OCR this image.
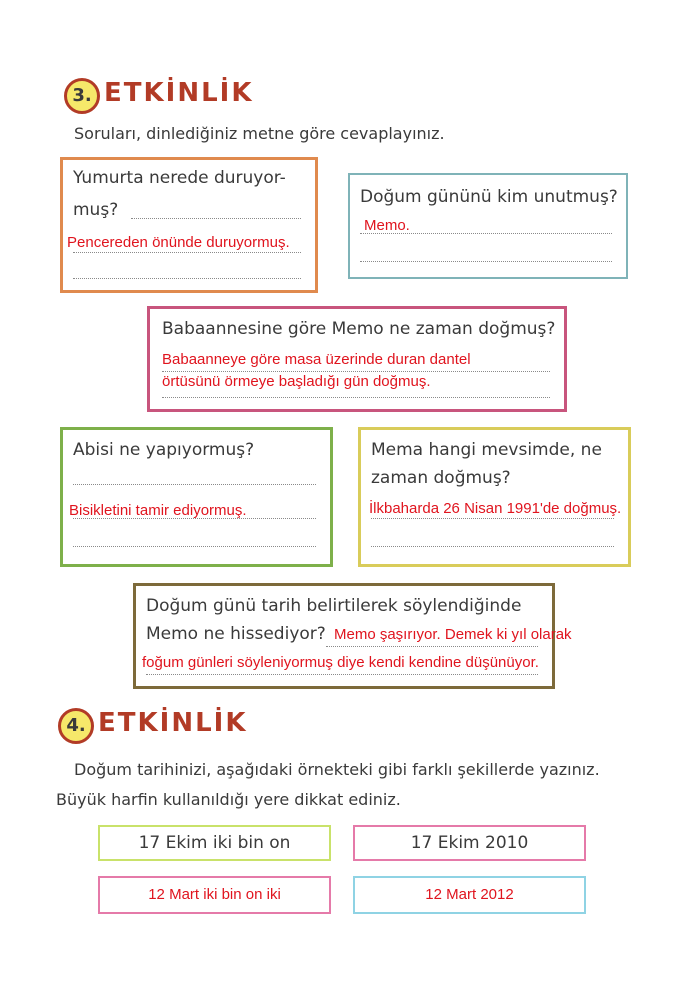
3. ETKİNLİK
Soruları, dinlediğiniz metne göre cevaplayınız.
Yumurta nerede duruyor-
muş?
Pencereden önünde duruyormuş.
Doğum gününü kim unutmuş?
Memo.
Babaannesine göre Memo ne zaman doğmuş?
Babaanneye göre masa üzerinde duran dantel
örtüsünü örmeye başladığı gün doğmuş.
Abisi ne yapıyormuş?
Bisikletini tamir ediyormuş.
Mema hangi mevsimde, ne
zaman doğmuş?
İlkbaharda 26 Nisan 1991'de doğmuş.
Doğum günü tarih belirtilerek söylendiğinde
Memo ne hissediyor? Memo şaşırıyor. Demek ki yıl olarak
foğum günleri söyleniyormuş diye kendi kendine düşünüyor.
4. ETKİNLİK
Doğum tarihinizi, aşağıdaki örnekteki gibi farklı şekillerde yazınız.
Büyük harfin kullanıldığı yere dikkat ediniz.
17 Ekim iki bin on	17 Ekim 2010
12 Mart iki bin on iki	12 Mart 2012
